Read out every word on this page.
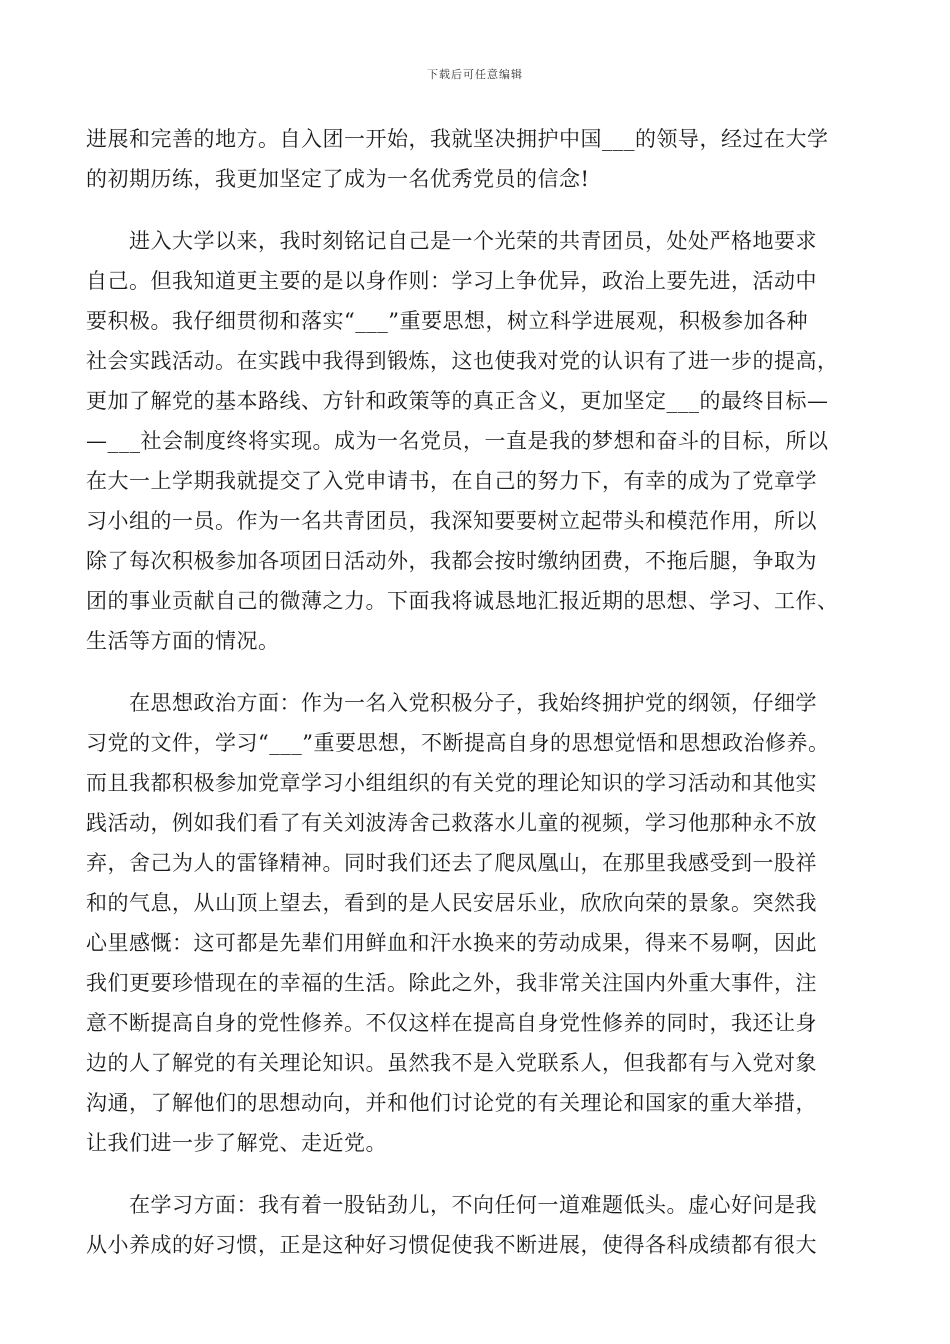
下载后可任意编辑
进展和完善的地方。自入团一开始，我就坚决拥护中国___的领导，经过在大学
的初期历练，我更加坚定了成为一名优秀党员的信念!
　　进入大学以来，我时刻铭记自己是一个光荣的共青团员，处处严格地要求
自己。但我知道更主要的是以身作则：学习上争优异，政治上要先进，活动中
要积极。我仔细贯彻和落实“___”重要思想，树立科学进展观，积极参加各种
社会实践活动。在实践中我得到锻炼，这也使我对党的认识有了进一步的提高，
更加了解党的基本路线、方针和政策等的真正含义，更加坚定___的最终目标—
—___社会制度终将实现。成为一名党员，一直是我的梦想和奋斗的目标，所以
在大一上学期我就提交了入党申请书，在自己的努力下，有幸的成为了党章学
习小组的一员。作为一名共青团员，我深知要要树立起带头和模范作用，所以
除了每次积极参加各项团日活动外，我都会按时缴纳团费，不拖后腿，争取为
团的事业贡献自己的微薄之力。下面我将诚恳地汇报近期的思想、学习、工作、
生活等方面的情况。
　　在思想政治方面：作为一名入党积极分子，我始终拥护党的纲领，仔细学
习党的文件，学习“___”重要思想，不断提高自身的思想觉悟和思想政治修养。
而且我都积极参加党章学习小组组织的有关党的理论知识的学习活动和其他实
践活动，例如我们看了有关刘波涛舍己救落水儿童的视频，学习他那种永不放
弃，舍己为人的雷锋精神。同时我们还去了爬凤凰山，在那里我感受到一股祥
和的气息，从山顶上望去，看到的是人民安居乐业，欣欣向荣的景象。突然我
心里感慨：这可都是先辈们用鲜血和汗水换来的劳动成果，得来不易啊，因此
我们更要珍惜现在的幸福的生活。除此之外，我非常关注国内外重大事件，注
意不断提高自身的党性修养。不仅这样在提高自身党性修养的同时，我还让身
边的人了解党的有关理论知识。虽然我不是入党联系人，但我都有与入党对象
沟通，了解他们的思想动向，并和他们讨论党的有关理论和国家的重大举措，
让我们进一步了解党、走近党。
　　在学习方面：我有着一股钻劲儿，不向任何一道难题低头。虚心好问是我
从小养成的好习惯，正是这种好习惯促使我不断进展，使得各科成绩都有很大
